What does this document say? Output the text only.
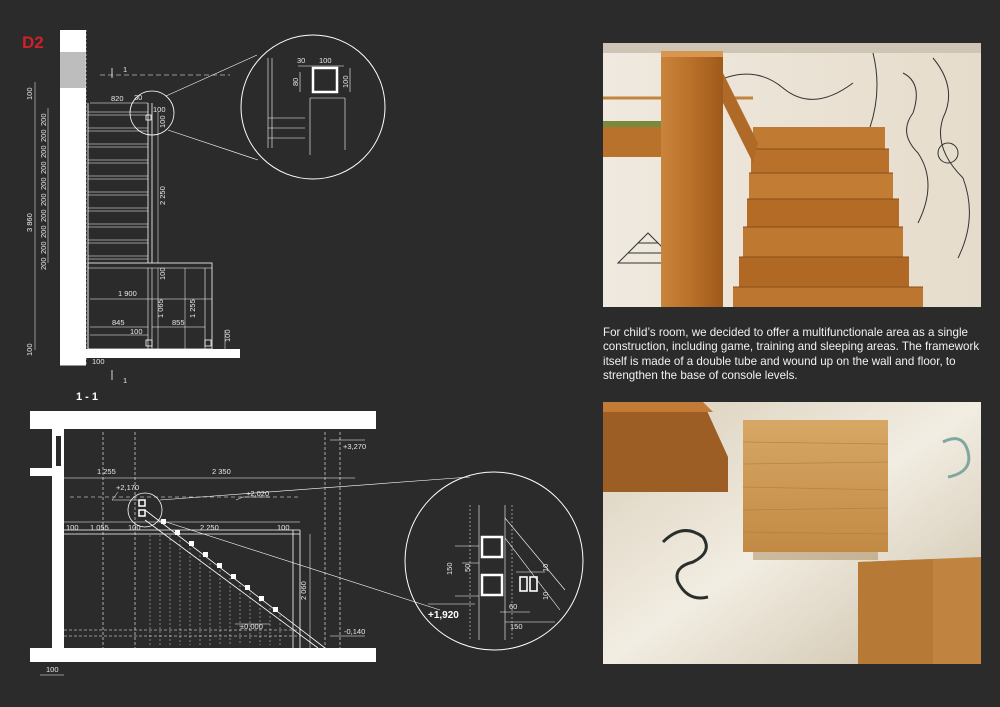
D2
100
3 860
100
200
200
200
200
200
200
200
200
200
200
820 30
100
100
2 250
100
1 900
1 065	1 255
845	855
100	100
100
1
1
1 - 1
30 100
80	100
1 255	2 350
+2,170
+2,020
+3,270
100 1 055	100	2 250	100
2 060
±0,000
-0,140
100
+1,920
150 50	10
10
60
150

For child’s room, we decided to offer a multifunctionale area as a single construction, including game, training and sleeping areas. The framework itself is made of a double tube and wound up on the wall and floor, to strengthen the base of console levels.
